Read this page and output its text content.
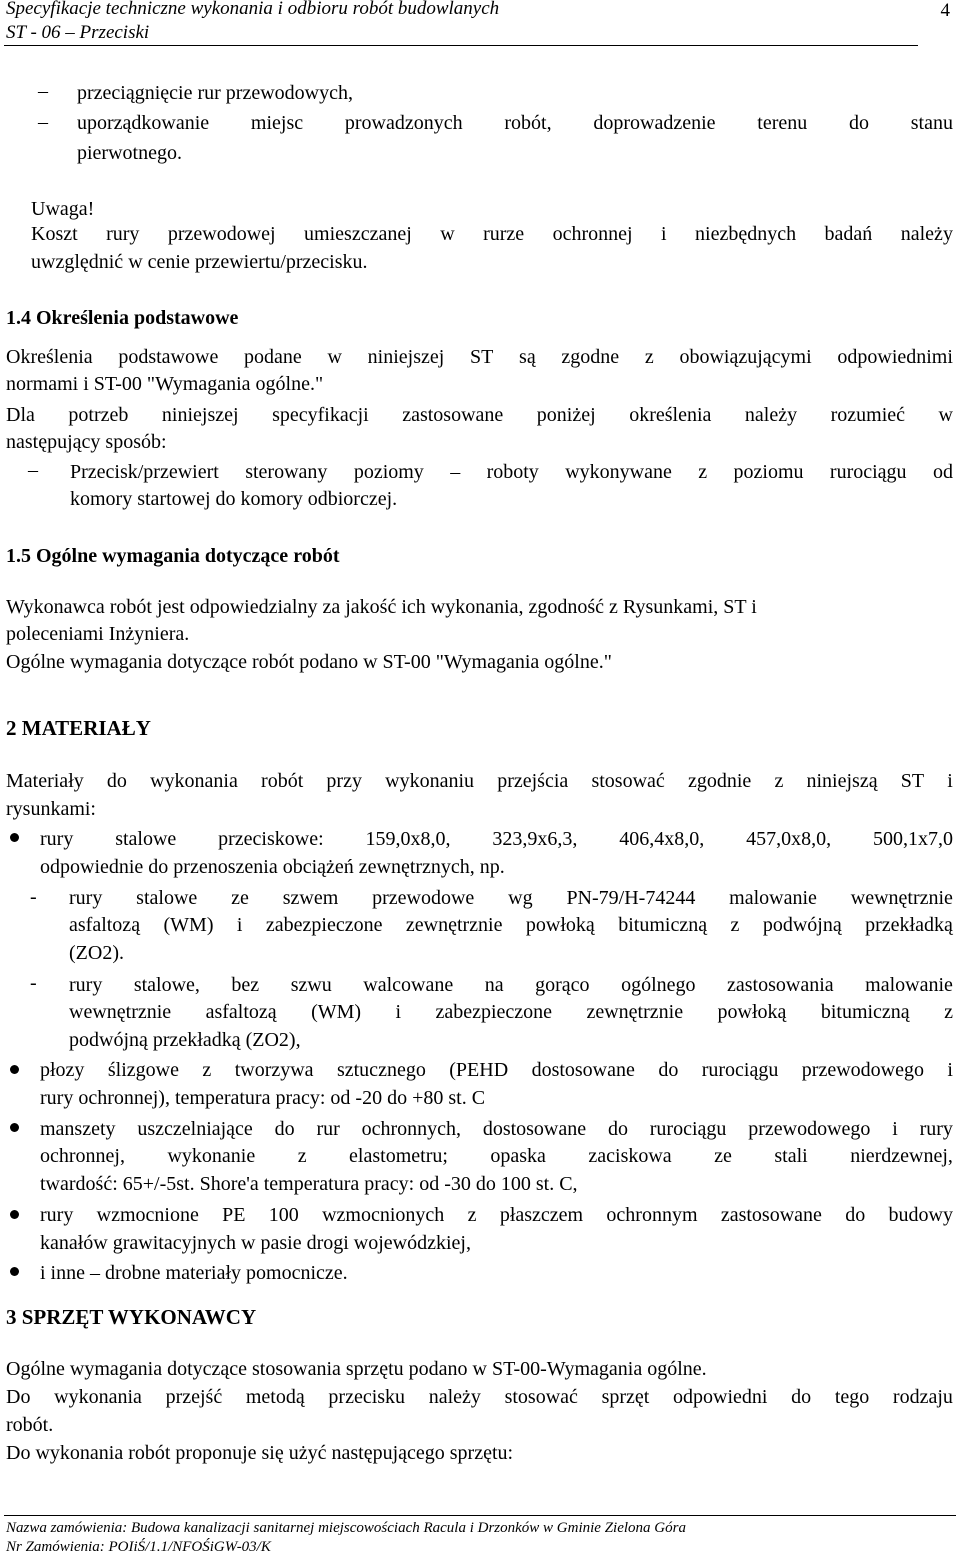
Specyfikacje techniczne wykonania i odbioru robót budowlanych
ST - 06 – Przeciski
4
– przeciągnięcie rur przewodowych,
– uporządkowanie miejsc prowadzonych robót, doprowadzenie terenu do stanu
pierwotnego.
Uwaga!
Koszt rury przewodowej umieszczanej w rurze ochronnej i niezbędnych badań należy
uwzględnić w cenie przewiertu/przecisku.
1.4 Określenia podstawowe
Określenia podstawowe podane w niniejszej ST są zgodne z obowiązującymi odpowiednimi
normami i ST-00 "Wymagania ogólne."
Dla potrzeb niniejszej specyfikacji zastosowane poniżej określenia należy rozumieć w
następujący sposób:
– Przecisk/przewiert sterowany poziomy – roboty wykonywane z poziomu rurociągu od
komory startowej do komory odbiorczej.
1.5 Ogólne wymagania dotyczące robót
Wykonawca robót jest odpowiedzialny za jakość ich wykonania, zgodność z Rysunkami, ST i
poleceniami Inżyniera.
Ogólne wymagania dotyczące robót podano w ST-00 "Wymagania ogólne."
2 MATERIAŁY
Materiały do wykonania robót przy wykonaniu przejścia stosować zgodnie z niniejszą ST i
rysunkami:
rury stalowe przeciskowe: 159,0x8,0, 323,9x6,3, 406,4x8,0, 457,0x8,0, 500,1x7,0
odpowiednie do przenoszenia obciążeń zewnętrznych, np.
- rury stalowe ze szwem przewodowe wg PN-79/H-74244 malowanie wewnętrznie
asfaltozą (WM) i zabezpieczone zewnętrznie powłoką bitumiczną z podwójną przekładką
(ZO2).
- rury stalowe, bez szwu walcowane na gorąco ogólnego zastosowania malowanie
wewnętrznie asfaltozą (WM) i zabezpieczone zewnętrznie powłoką bitumiczną z
podwójną przekładką (ZO2),
płozy ślizgowe z tworzywa sztucznego (PEHD dostosowane do rurociągu przewodowego i
rury ochronnej), temperatura pracy: od -20 do +80 st. C
manszety uszczelniające do rur ochronnych, dostosowane do rurociągu przewodowego i rury
ochronnej, wykonanie z elastometru; opaska zaciskowa ze stali nierdzewnej,
twardość: 65+/-5st. Shore'a temperatura pracy: od -30 do 100 st. C,
rury wzmocnione PE 100 wzmocnionych z płaszczem ochronnym zastosowane do budowy
kanałów grawitacyjnych w pasie drogi wojewódzkiej,
i inne – drobne materiały pomocnicze.
3 SPRZĘT WYKONAWCY
Ogólne wymagania dotyczące stosowania sprzętu podano w ST-00-Wymagania ogólne.
Do wykonania przejść metodą przecisku należy stosować sprzęt odpowiedni do tego rodzaju
robót.
Do wykonania robót proponuje się użyć następującego sprzętu:
Nazwa zamówienia: Budowa kanalizacji sanitarnej miejscowościach Racula i Drzonków w Gminie Zielona Góra
Nr Zamówienia: POIiŚ/1.1/NFOŚiGW-03/K
